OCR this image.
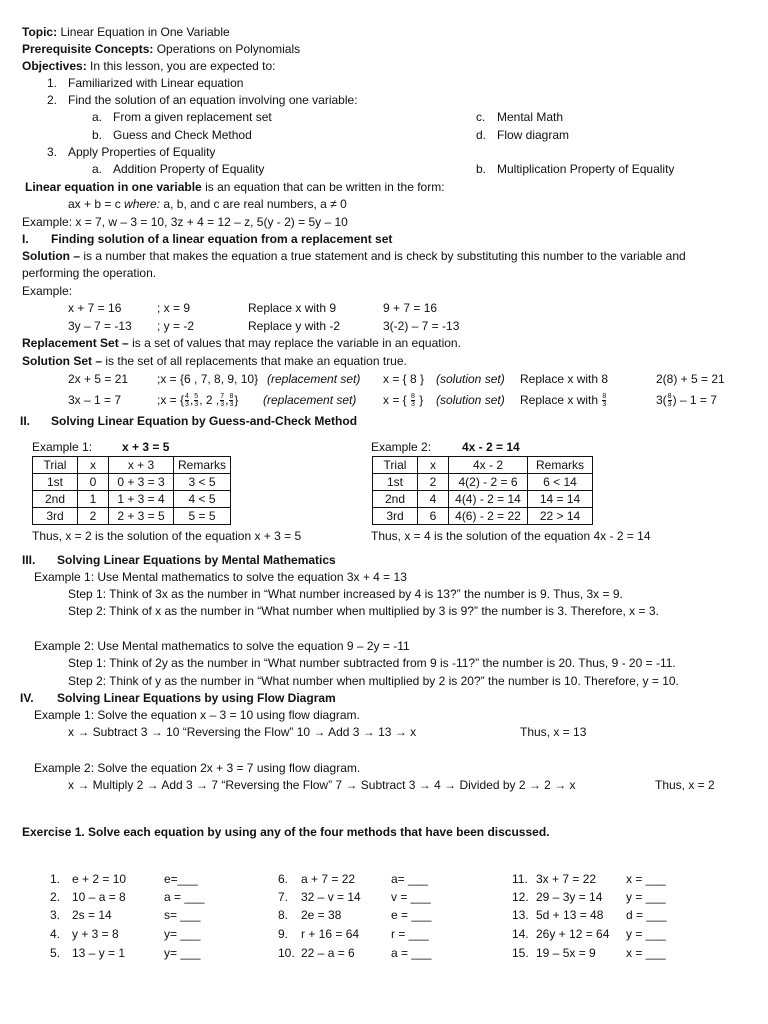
Topic: Linear Equation in One Variable
Prerequisite Concepts: Operations on Polynomials
Objectives: In this lesson, you are expected to:
1. Familiarized with Linear equation
2. Find the solution of an equation involving one variable:
a. From a given replacement set	c. Mental Math
b. Guess and Check Method	d. Flow diagram
3. Apply Properties of Equality
a. Addition Property of Equality	b. Multiplication Property of Equality
Linear equation in one variable is an equation that can be written in the form:
ax + b = c where: a, b, and c are real numbers, a ≠ 0
Example: x = 7, w – 3 = 10, 3z + 4 = 12 – z, 5(y - 2) = 5y – 10
I. Finding solution of a linear equation from a replacement set
Solution – is a number that makes the equation a true statement and is check by substituting this number to the variable and
performing the operation.
Example:
x + 7 = 16	; x = 9	Replace x with 9	9 + 7 = 16
3y – 7 = -13 ; y = -2	Replace y with -2	3(-2) – 7 = -13
Replacement Set – is a set of values that may replace the variable in an equation.
Solution Set – is the set of all replacements that make an equation true.
2x + 5 = 21 ;x = {6 , 7, 8, 9, 10} (replacement set) x = { 8 } (solution set) Replace x with 8	2(8) + 5 = 21
3x – 1 = 7	;x = { $\frac{4}{3}$ , $\frac{5}{3}$ , 2 , $\frac{7}{3}$ , $\frac{8}{3}$ } (replacement set) x = { $\frac{8}{3}$ } (solution set) Replace x with $\frac{8}{3}$	$3( \frac{8}{3}$ ) – 1 = 7
II. Solving Linear Equation by Guess-and-Check Method
Example 1: x + 3 = 5	Example 2:	4x - 2 = 14
Trial	x	x + 3	Remarks
1st	0	0 + 3 = 3	3 < 5
2nd	1	1 + 3 = 4	4 < 5
3rd	2	2 + 3 = 5	5 = 5
Trial	x	4x - 2	Remarks
1st	2	4(2) - 2 = 6	6 < 14
2nd	4	4(4) - 2 = 14	14 = 14
3rd	6	4(6) - 2 = 22	22 > 14
Thus, x = 2 is the solution of the equation x + 3 = 5	Thus, x = 4 is the solution of the equation 4x - 2 = 14
III. Solving Linear Equations by Mental Mathematics
Example 1: Use Mental mathematics to solve the equation 3x + 4 = 13
Step 1: Think of 3x as the number in “What number increased by 4 is 13?” the number is 9. Thus, 3x = 9.
Step 2: Think of x as the number in “What number when multiplied by 3 is 9?” the number is 3. Therefore, x = 3.
Example 2: Use Mental mathematics to solve the equation 9 – 2y = -11
Step 1: Think of 2y as the number in “What number subtracted from 9 is -11?” the number is 20. Thus, 9 - 20 = -11.
Step 2: Think of y as the number in “What number when multiplied by 2 is 20?” the number is 10. Therefore, y = 10.
IV. Solving Linear Equations by using Flow Diagram
Example 1: Solve the equation x – 3 = 10 using flow diagram.
x → Subtract 3 → 10 “Reversing the Flow” 10 → Add 3 → 13 → x	Thus, x = 13
Example 2: Solve the equation 2x + 3 = 7 using flow diagram.
x → Multiply 2 → Add 3 → 7 “Reversing the Flow” 7 → Subtract 3 → 4 → Divided by 2 → 2 → x	Thus, x = 2
Exercise 1. Solve each equation by using any of the four methods that have been discussed.
1. e + 2 = 10	e=___
2. 10 – a = 8	a = ___
3. 2s = 14	s= ___
4. y + 3 = 8	y= ___
5. 13 – y = 1	y= ___
6. a + 7 = 22	a= ___
7. 32 – v = 14	v = ___
8. 2e = 38	e = ___
9. r + 16 = 64	r = ___
10. 22 – a = 6	a = ___
11. 3x + 7 = 22 x = ___
12. 29 – 3y = 14 y = ___
13. 5d + 13 = 48 d = ___
14. 26y + 12 = 64 y = ___
15. 19 – 5x = 9	x = ___
